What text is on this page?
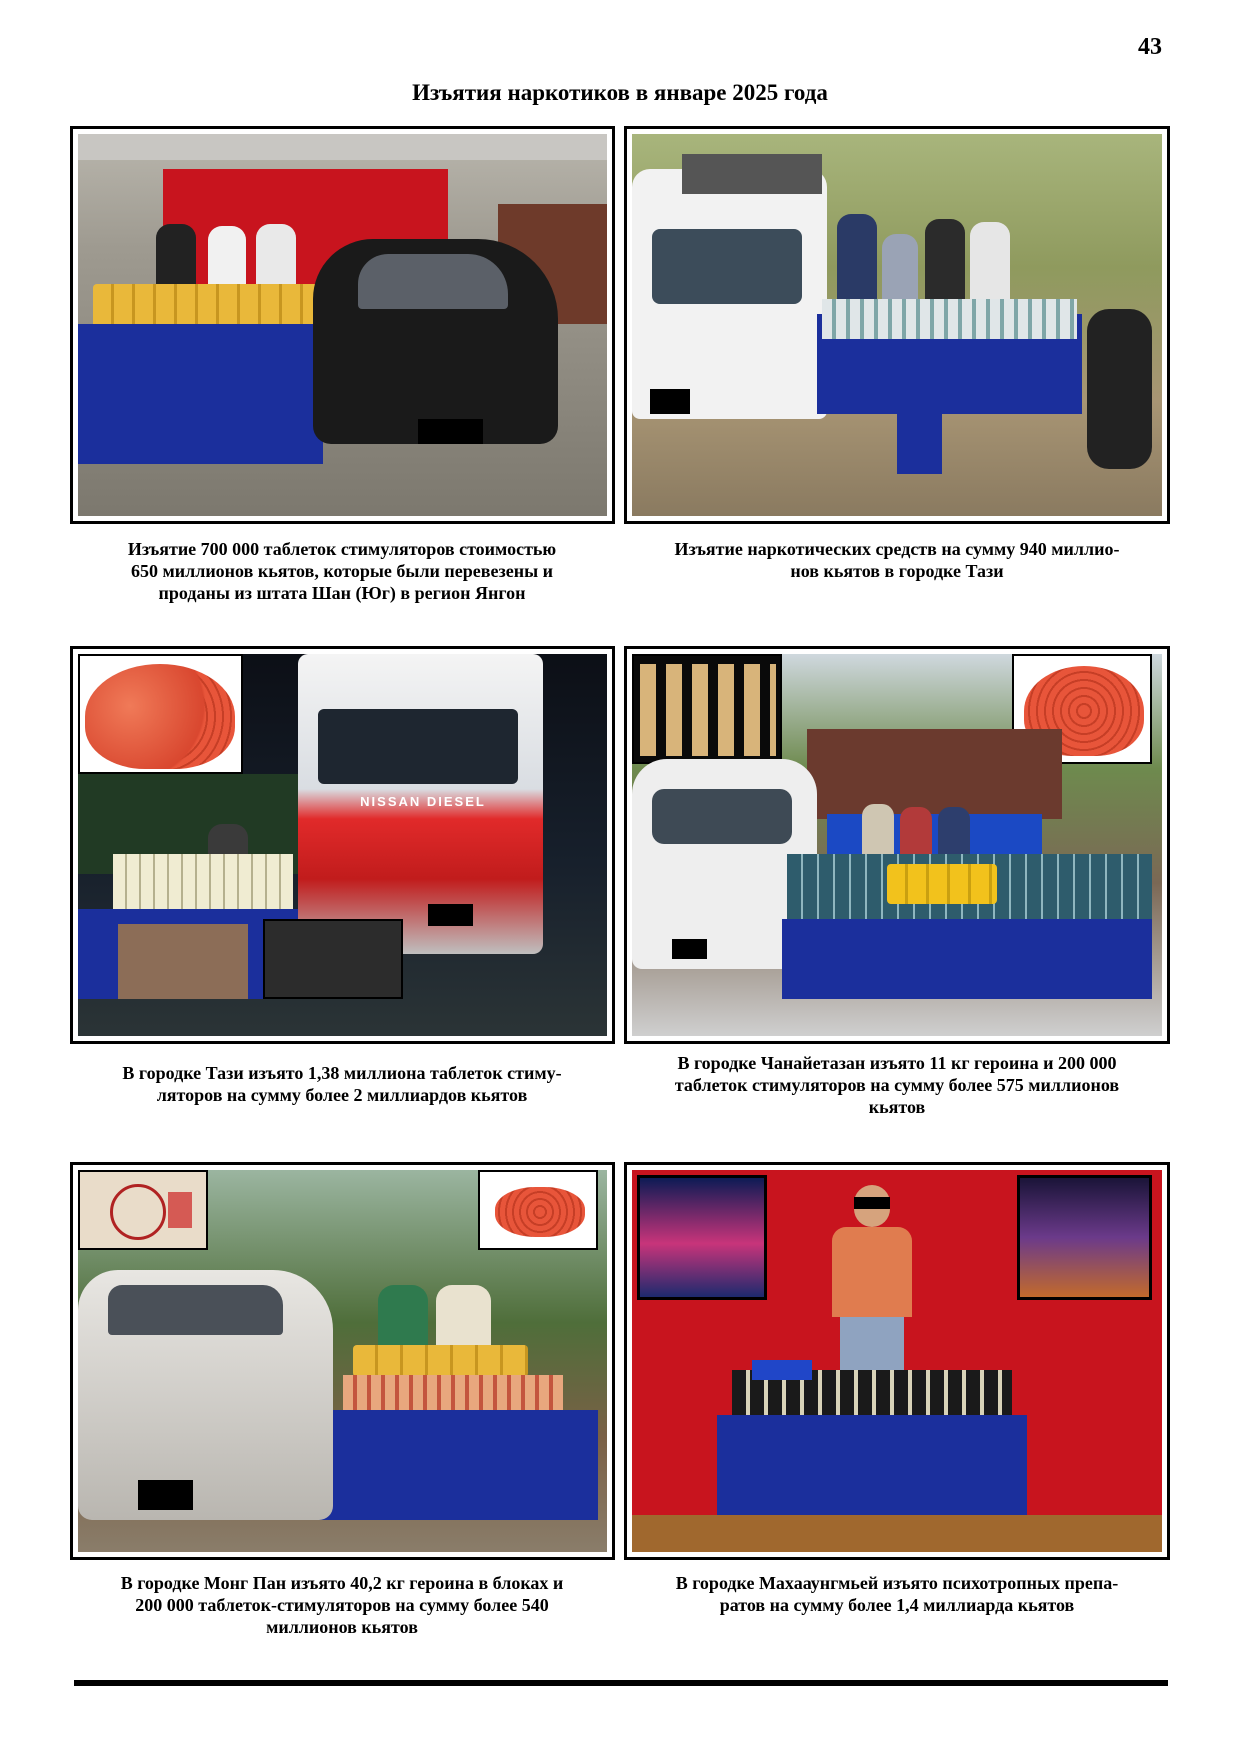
43
Изъятия наркотиков в январе 2025 года
Изъятие 700 000 таблеток стимуляторов стоимостью
650 миллионов кьятов, которые были перевезены и
проданы из штата Шан (Юг) в регион Янгон
Изъятие наркотических средств на сумму 940 миллио-
нов кьятов в городке Тази
NISSAN DIESEL
В городке Тази изъято 1,38 миллиона таблеток стиму-
ляторов на сумму более 2 миллиардов кьятов
В городке Чанайетазан изъято 11 кг героина и 200 000
таблеток стимуляторов на сумму более 575 миллионов
кьятов
В городке Монг Пан изъято 40,2 кг героина в блоках и
200 000 таблеток-стимуляторов на сумму более 540
миллионов кьятов
В городке Махааунгмьей изъято психотропных препа-
ратов на сумму более 1,4 миллиарда кьятов
